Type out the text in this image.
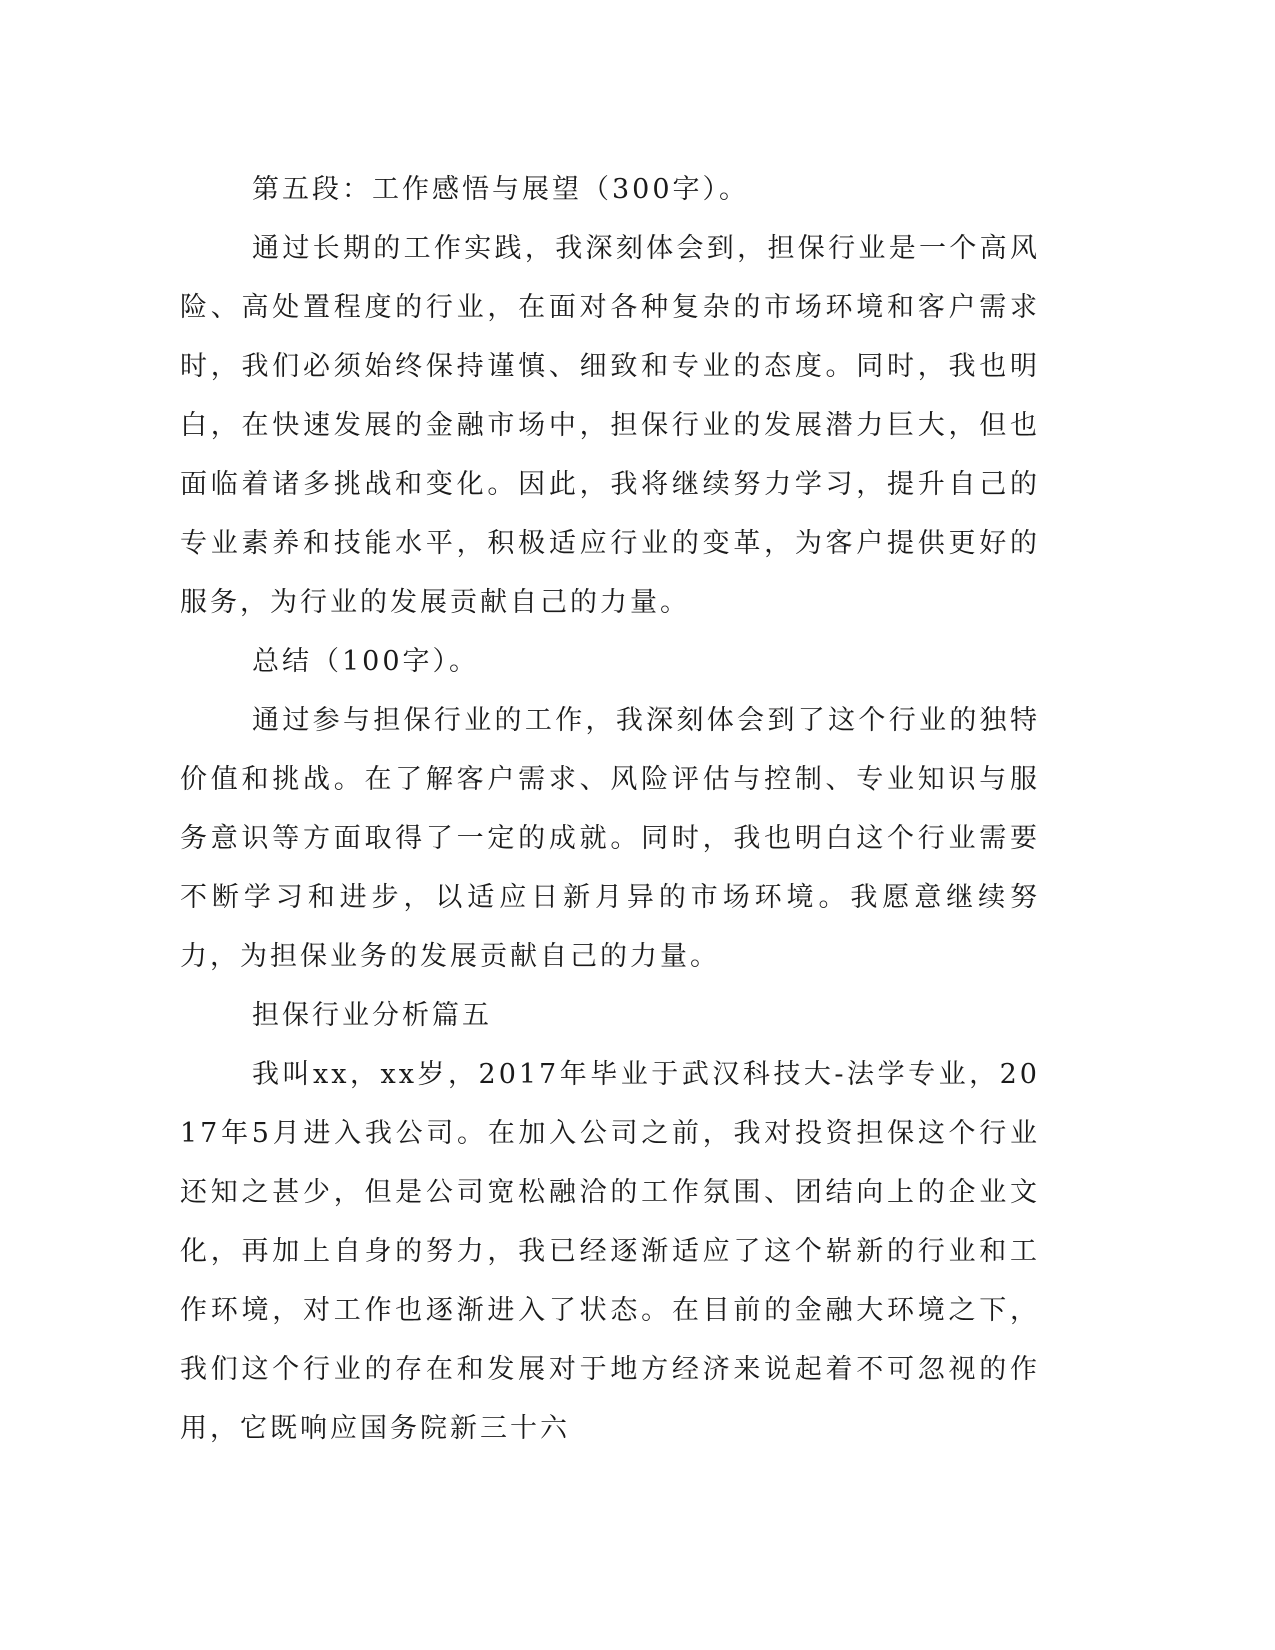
第五段：工作感悟与展望（300字）。

通过长期的工作实践，我深刻体会到，担保行业是一个高风险、高处置程度的行业，在面对各种复杂的市场环境和客户需求时，我们必须始终保持谨慎、细致和专业的态度。同时，我也明白，在快速发展的金融市场中，担保行业的发展潜力巨大，但也面临着诸多挑战和变化。因此，我将继续努力学习，提升自己的专业素养和技能水平，积极适应行业的变革，为客户提供更好的服务，为行业的发展贡献自己的力量。

总结（100字）。

通过参与担保行业的工作，我深刻体会到了这个行业的独特价值和挑战。在了解客户需求、风险评估与控制、专业知识与服务意识等方面取得了一定的成就。同时，我也明白这个行业需要不断学习和进步，以适应日新月异的市场环境。我愿意继续努力，为担保业务的发展贡献自己的力量。

担保行业分析篇五

我叫xx，xx岁，2017年毕业于武汉科技大-法学专业，2017年5月进入我公司。在加入公司之前，我对投资担保这个行业还知之甚少，但是公司宽松融洽的工作氛围、团结向上的企业文化，再加上自身的努力，我已经逐渐适应了这个崭新的行业和工作环境，对工作也逐渐进入了状态。在目前的金融大环境之下，我们这个行业的存在和发展对于地方经济来说起着不可忽视的作用，它既响应国务院新三十六
